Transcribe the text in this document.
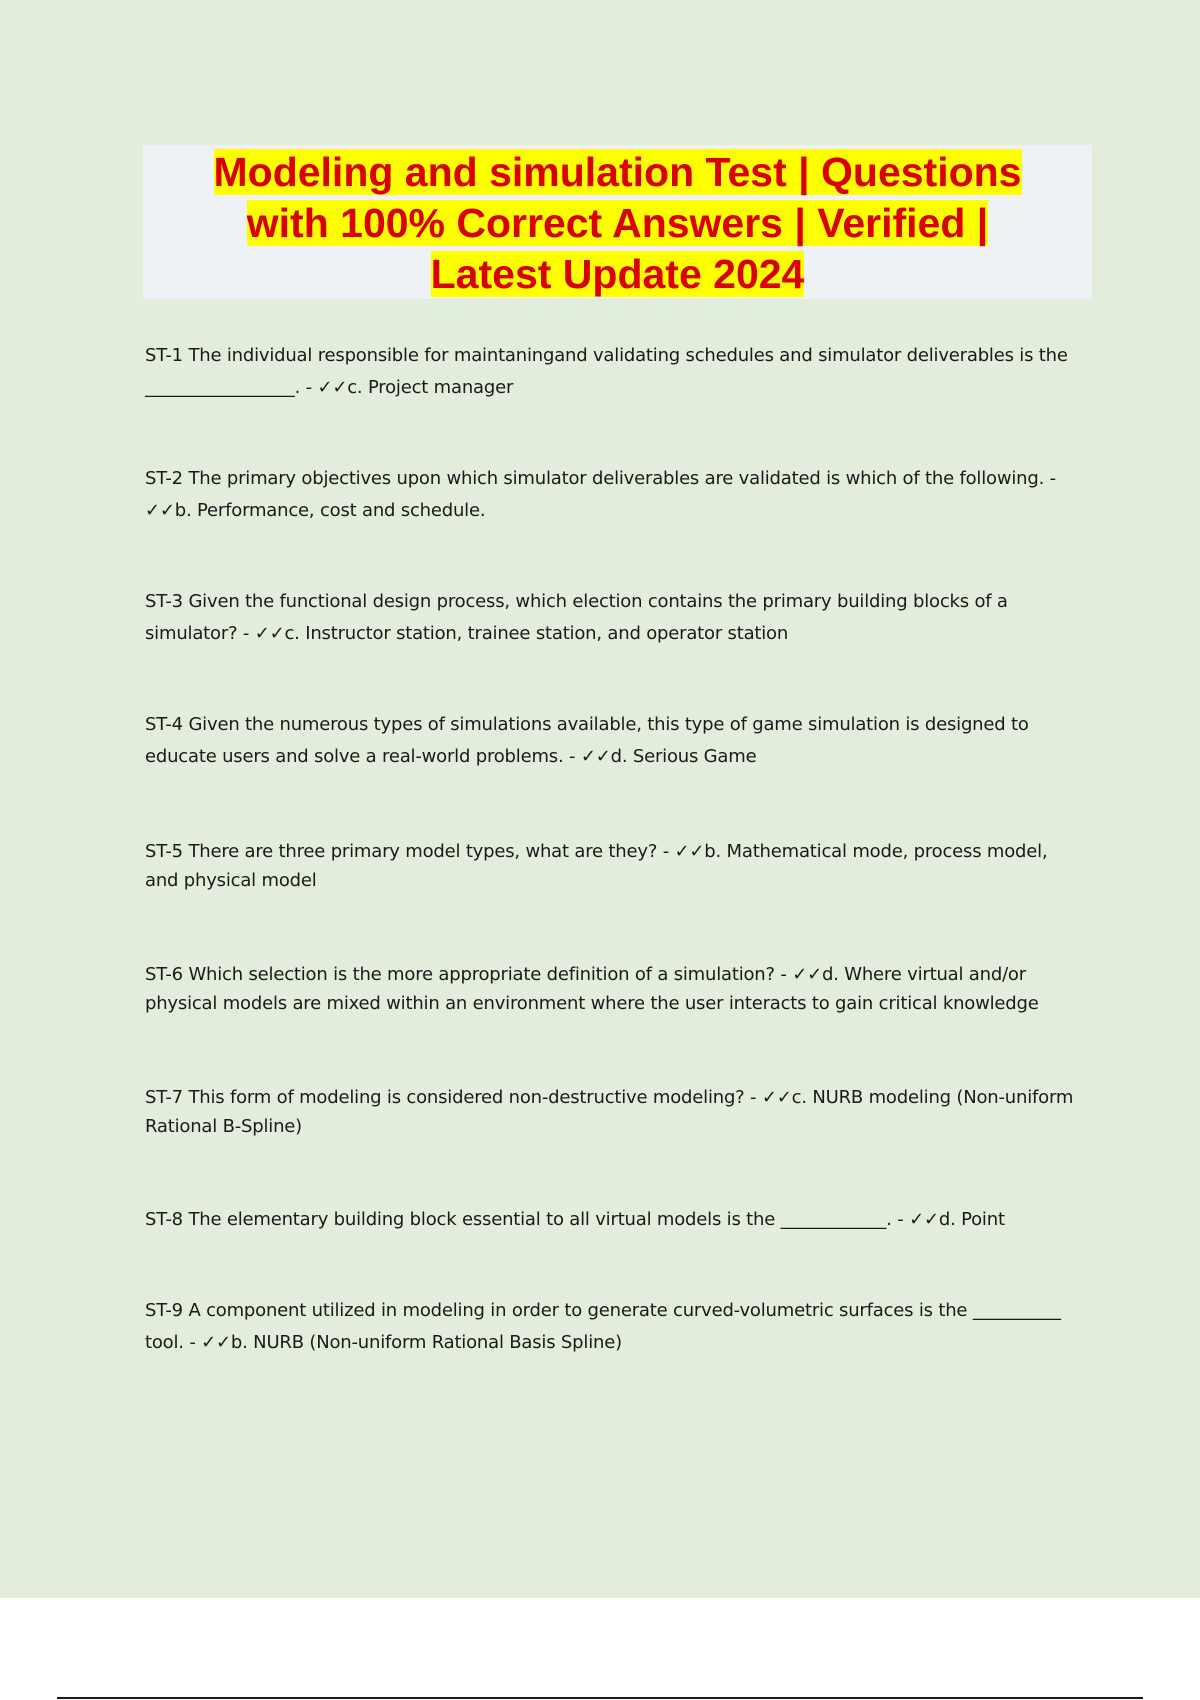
Modeling and simulation Test | Questions
with 100% Correct Answers | Verified |
Latest Update 2024

ST-1 The individual responsible for maintaningand validating schedules and simulator deliverables is the _________________. - ✓✓c. Project manager

ST-2 The primary objectives upon which simulator deliverables are validated is which of the following. - ✓✓b. Performance, cost and schedule.

ST-3 Given the functional design process, which election contains the primary building blocks of a simulator? - ✓✓c. Instructor station, trainee station, and operator station

ST-4 Given the numerous types of simulations available, this type of game simulation is designed to educate users and solve a real-world problems. - ✓✓d. Serious Game

ST-5 There are three primary model types, what are they? - ✓✓b. Mathematical mode, process model, and physical model

ST-6 Which selection is the more appropriate definition of a simulation? - ✓✓d. Where virtual and/or physical models are mixed within an environment where the user interacts to gain critical knowledge

ST-7 This form of modeling is considered non-destructive modeling? - ✓✓c. NURB modeling (Non-uniform Rational B-Spline)

ST-8 The elementary building block essential to all virtual models is the ____________. - ✓✓d. Point

ST-9 A component utilized in modeling in order to generate curved-volumetric surfaces is the __________ tool. - ✓✓b. NURB (Non-uniform Rational Basis Spline)
